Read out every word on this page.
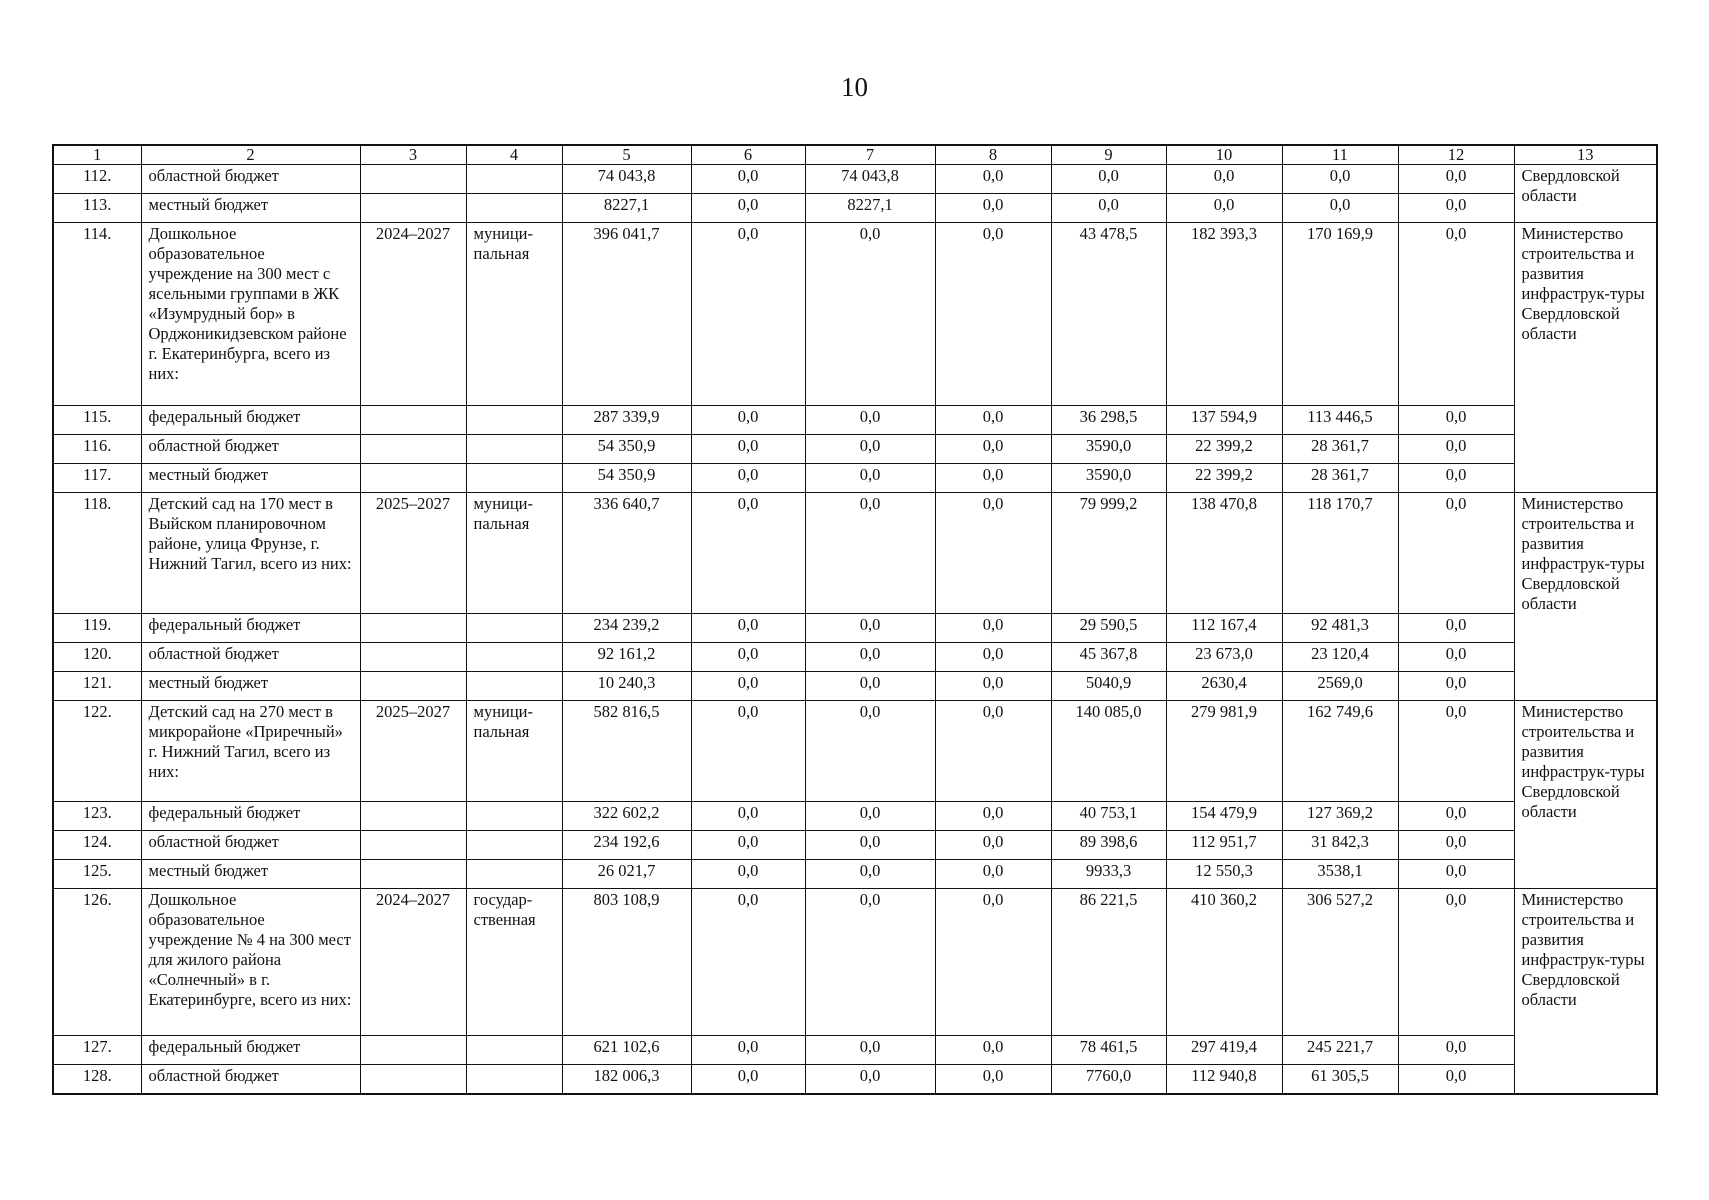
10
1	2	3	4	5	6	7	8	9	10	11	12	13
112.	областной бюджет			74 043,8	0,0	74 043,8	0,0	0,0	0,0	0,0	0,0	Свердловской области
113.	местный бюджет			8227,1	0,0	8227,1	0,0	0,0	0,0	0,0	0,0	
114.	Дошкольное образовательное учреждение на 300 мест с ясельными группами в ЖК «Изумрудный бор» в Орджоникидзевском районе г. Екатеринбурга, всего из них:	2024–2027	муници-пальная	396 041,7	0,0	0,0	0,0	43 478,5	182 393,3	170 169,9	0,0	Министерство строительства и развития инфраструк-туры Свердловской области
115.	федеральный бюджет			287 339,9	0,0	0,0	0,0	36 298,5	137 594,9	113 446,5	0,0	
116.	областной бюджет			54 350,9	0,0	0,0	0,0	3590,0	22 399,2	28 361,7	0,0	
117.	местный бюджет			54 350,9	0,0	0,0	0,0	3590,0	22 399,2	28 361,7	0,0	
118.	Детский сад на 170 мест в Выйском планировочном районе, улица Фрунзе, г. Нижний Тагил, всего из них:	2025–2027	муници-пальная	336 640,7	0,0	0,0	0,0	79 999,2	138 470,8	118 170,7	0,0	Министерство строительства и развития инфраструк-туры Свердловской области
119.	федеральный бюджет			234 239,2	0,0	0,0	0,0	29 590,5	112 167,4	92 481,3	0,0	
120.	областной бюджет			92 161,2	0,0	0,0	0,0	45 367,8	23 673,0	23 120,4	0,0	
121.	местный бюджет			10 240,3	0,0	0,0	0,0	5040,9	2630,4	2569,0	0,0	
122.	Детский сад на 270 мест в микрорайоне «Приречный» г. Нижний Тагил, всего из них:	2025–2027	муници-пальная	582 816,5	0,0	0,0	0,0	140 085,0	279 981,9	162 749,6	0,0	Министерство строительства и развития инфраструк-туры Свердловской области
123.	федеральный бюджет			322 602,2	0,0	0,0	0,0	40 753,1	154 479,9	127 369,2	0,0	
124.	областной бюджет			234 192,6	0,0	0,0	0,0	89 398,6	112 951,7	31 842,3	0,0	
125.	местный бюджет			26 021,7	0,0	0,0	0,0	9933,3	12 550,3	3538,1	0,0	
126.	Дошкольное образовательное учреждение № 4 на 300 мест для жилого района «Солнечный» в г. Екатеринбурге, всего из них:	2024–2027	государ-ственная	803 108,9	0,0	0,0	0,0	86 221,5	410 360,2	306 527,2	0,0	Министерство строительства и развития инфраструк-туры Свердловской области
127.	федеральный бюджет			621 102,6	0,0	0,0	0,0	78 461,5	297 419,4	245 221,7	0,0	
128.	областной бюджет			182 006,3	0,0	0,0	0,0	7760,0	112 940,8	61 305,5	0,0	
